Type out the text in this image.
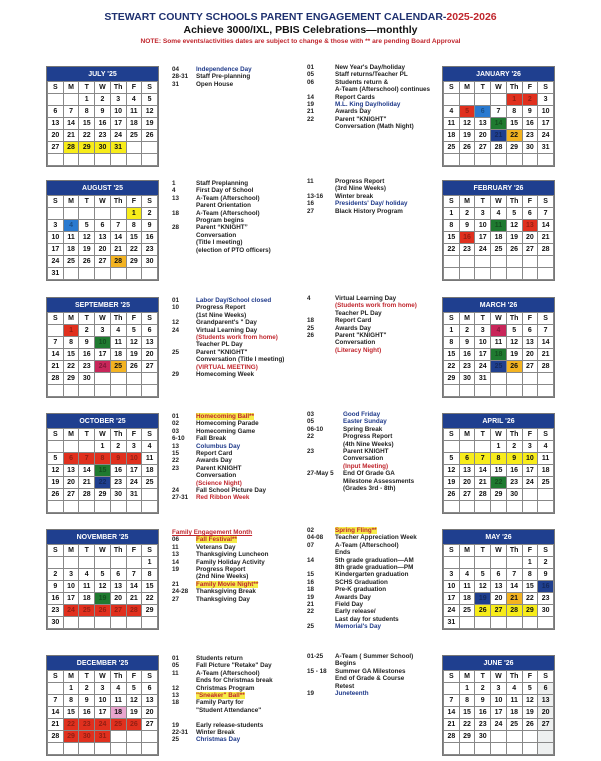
STEWART COUNTY SCHOOLS PARENT ENGAGEMENT CALENDAR-2025-2026
Achieve 3000/IXL, PBIS Celebrations—monthly
NOTE: Some events/activities dates are subject to change & those with ** are pending Board Approval
JULY '25
S	M	T	W	Th	F	S
		1	2	3	4	5
6	7	8	9	10	11	12
13	14	15	16	17	18	19
20	21	22	23	24	25	26
27	28	29	30	31		

04	Independence Day
28-31	Staff Pre-planning
31	Open House
AUGUST '25
S	M	T	W	Th	F	S
					1	2
3	4	5	6	7	8	9
10	11	12	13	14	15	16
17	18	19	20	21	22	23
24	25	26	27	28	29	30
31						
1	Staff Preplanning
4	First Day of School
13	A-Team (Afterschool)
Parent Orientation
18	A-Team (Afterschool)
Program begins
28	Parent “KNIGHT”
Conversation
(Title I meeting)
(election of PTO officers)
SEPTEMBER '25
S	M	T	W	Th	F	S
	1	2	3	4	5	6
7	8	9	10	11	12	13
14	15	16	17	18	19	20
21	22	23	24	25	26	27
28	29	30				

01	Labor Day/School closed
10	Progress Report
(1st Nine Weeks)
12	Grandparent's " Day
24	Virtual Learning Day
(Students work from home)
Teacher PL Day
25	Parent "KNIGHT"
Conversation (Title I meeting)
(VIRTUAL MEETING)
29	Homecoming Week
OCTOBER '25
S	M	T	W	Th	F	S
			1	2	3	4
5	6	7	8	9	10	11
12	13	14	15	16	17	18
19	20	21	22	23	24	25
26	27	28	29	30	31	

01	Homecoming Ball**
02	Homecoming Parade
03	Homecoming Game
6-10	Fall Break
13	Columbus Day
15	Report Card
22	Awards Day
23	Parent KNIGHT
Conversation
(Science Night)
24	Fall School Picture Day
27-31	Red Ribbon Week
NOVEMBER '25
S	M	T	W	Th	F	S
						1
2	3	4	5	6	7	8
9	10	11	12	13	14	15
16	17	18	19	20	21	22
23	24	25	26	27	28	29
30						
Family Engagement Month
06	Fall Festival**
11	Veterans Day
13	Thanksgiving Luncheon
14	Family Holiday Activity
19	Progress Report
(2nd Nine Weeks)
21	Family Movie Night**
24-28	Thanksgiving Break
27	Thanksgiving Day
DECEMBER '25
S	M	T	W	Th	F	S
	1	2	3	4	5	6
7	8	9	10	11	12	13
14	15	16	17	18	19	20
21	22	23	24	25	26	27
28	29	30	31			

01	Students return
05	Fall Picture "Retake" Day
11	A-Team (Afterschool)
Ends for Christmas break
12	Christmas Program
13	"Sneaker" Ball**
18	Family Party for
"Student Attendance"

19	Early release-students
22-31	Winter Break
25	Christmas Day
JANUARY '26
S	M	T	W	Th	F	S
				1	2	3
4	5	6	7	8	9	10
11	12	13	14	15	16	17
18	19	20	21	22	23	24
25	26	27	28	29	30	31

01	New Year's Day/holiday
05	Staff returns/Teacher PL
06	Students return &
A-Team (Afterschool) continues
14	Report Cards
19	M.L. King Day/holiday
21	Awards Day
22	Parent "KNIGHT"
Conversation (Math Night)
FEBRUARY '26
S	M	T	W	Th	F	S
1	2	3	4	5	6	7
8	9	10	11	12	13	14
15	16	17	18	19	20	21
22	23	24	25	26	27	28

11	Progress Report
(3rd Nine Weeks)
13-16	Winter break
16	Presidents' Day/ holiday
27	Black History Program
MARCH '26
S	M	T	W	Th	F	S
1	2	3	4	5	6	7
8	9	10	11	12	13	14
15	16	17	18	19	20	21
22	23	24	25	26	27	28
29	30	31				

4	Virtual Learning Day
(Students work from home)
Teacher PL Day
18	Report Card
25	Awards Day
26	Parent "KNIGHT"
Conversation
(Literacy Night)
APRIL '26
S	M	T	W	Th	F	S
			1	2	3	4
5	6	7	8	9	10	11
12	13	14	15	16	17	18
19	20	21	22	23	24	25
26	27	28	29	30		

03	Good Friday
05	Easter Sunday
06-10	Spring Break
22	Progress Report
(4th Nine Weeks)
23	Parent KNIGHT
Conversation
(Input Meeting)
27-May 5	End Of Grade GA
Milestone Assessments
(Grades 3rd - 8th)
MAY '26
S	M	T	W	Th	F	S
					1	2
3	4	5	6	7	8	9
10	11	12	13	14	15	16
17	18	19	20	21	22	23
24	25	26	27	28	29	30
31						
02	Spring Fling**
04-08	Teacher Appreciation Week
07	A-Team (Afterschool)
Ends
14	5th grade graduation—AM
8th grade graduation—PM
15	Kindergarten graduation
16	SCHS Graduation
18	Pre-K graduation
19	Awards Day
21	Field Day
22	Early release/
Last day for students
25	Memorial's Day
JUNE '26
S	M	T	W	Th	F	S
	1	2	3	4	5	6
7	8	9	10	11	12	13
14	15	16	17	18	19	20
21	22	23	24	25	26	27
28	29	30				

01-25	A-Team ( Summer School)
Begins
15 - 18	Summer GA Milestones
End of Grade & Course
Retest
19	Juneteenth
